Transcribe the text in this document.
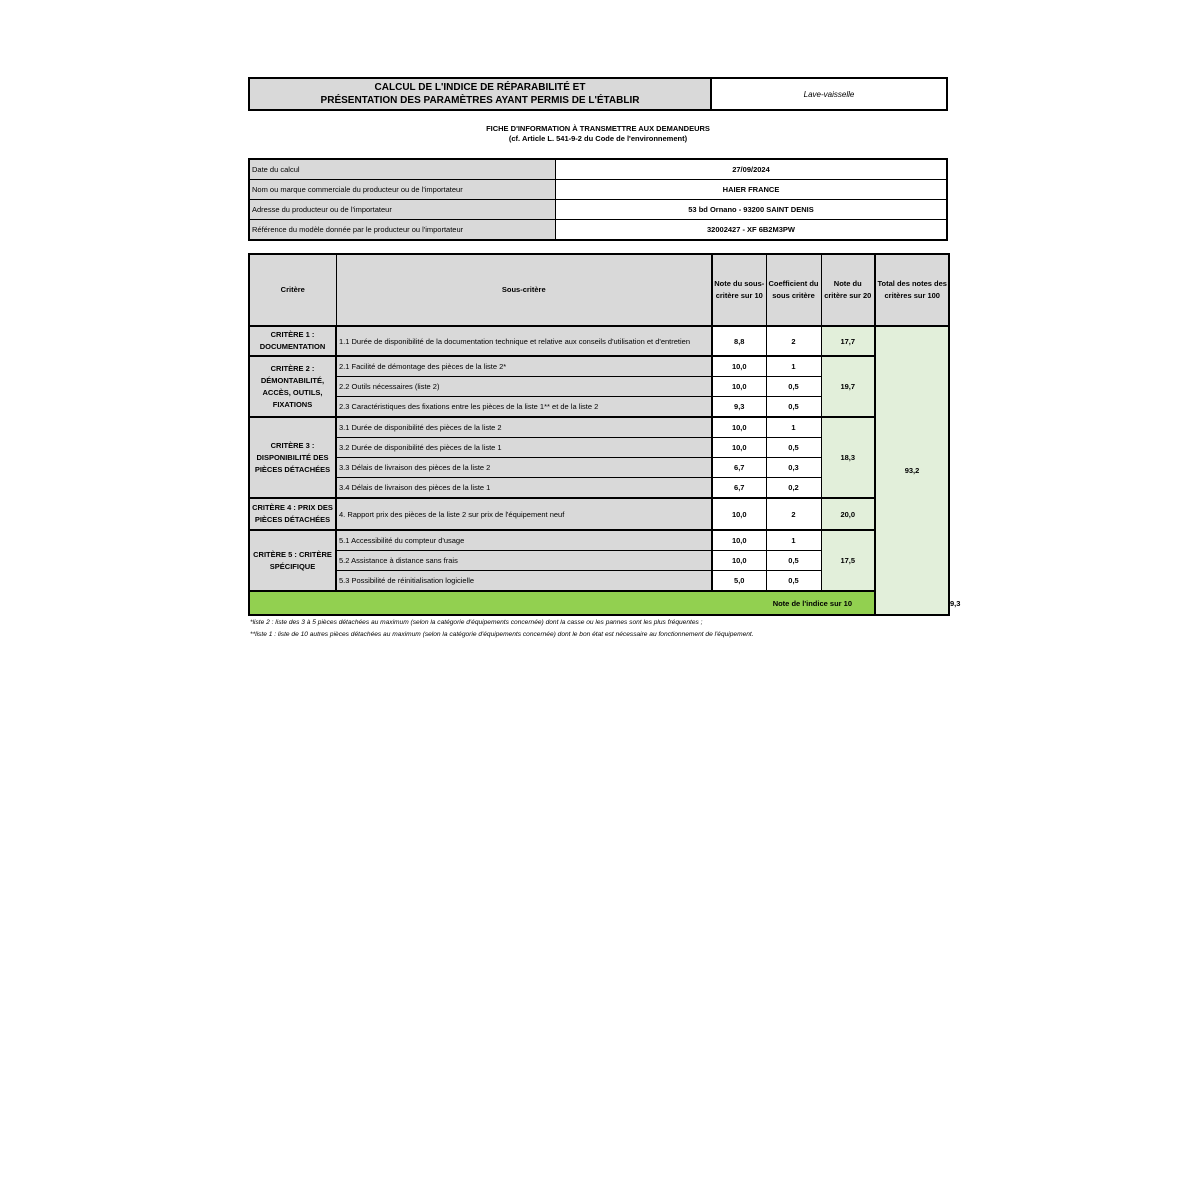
CALCUL DE L'INDICE DE RÉPARABILITÉ ET
PRÉSENTATION DES PARAMÈTRES AYANT PERMIS DE L'ÉTABLIR
	Lave-vaisselle
FICHE D'INFORMATION À TRANSMETTRE AUX DEMANDEURS
(cf. Article L. 541-9-2 du Code de l'environnement)
Date du calcul	27/09/2024
Nom ou marque commerciale du producteur ou de l'importateur	HAIER FRANCE
Adresse du producteur ou de l'importateur	53 bd Ornano - 93200 SAINT DENIS
Référence du modèle donnée par le producteur ou l'importateur	32002427 - XF 6B2M3PW
Critère	Sous-critère	Note du sous-critère sur 10	Coefficient du sous critère	Note du critère sur 20	Total des notes des critères sur 100	
CRITÈRE 1 : DOCUMENTATION	1.1 Durée de disponibilité de la documentation technique et relative aux conseils d'utilisation et d'entretien	8,8	2	17,7	93,2	
CRITÈRE 2 : DÉMONTABILITÉ, ACCÈS, OUTILS, FIXATIONS	2.1 Facilité de démontage des pièces de la liste 2*	10,0	1	19,7		
	2.2 Outils nécessaires (liste 2)	10,0	0,5			
	2.3 Caractéristiques des fixations entre les pièces de la liste 1** et de la liste 2	9,3	0,5			
CRITÈRE 3 : DISPONIBILITÉ DES PIÈCES DÉTACHÉES	3.1 Durée de disponibilité des pièces de la liste 2	10,0	1	18,3		
	3.2 Durée de disponibilité des pièces de la liste 1	10,0	0,5			
	3.3 Délais de livraison des pièces de la liste 2	6,7	0,3			
	3.4 Délais de livraison des pièces de la liste 1	6,7	0,2			
CRITÈRE 4 : PRIX DES PIÈCES DÉTACHÉES	4. Rapport prix des pièces de la liste 2 sur prix de l'équipement neuf	10,0	2	20,0		
CRITÈRE 5 : CRITÈRE SPÉCIFIQUE	5.1 Accessibilité du compteur d'usage	10,0	1	17,5		
	5.2 Assistance à distance sans frais	10,0	0,5			
	5.3 Possibilité de réinitialisation logicielle	5,0	0,5			
Note de l'indice sur 10						9,3
*liste 2 : liste des 3 à 5 pièces détachées au maximum (selon la catégorie d'équipements concernée) dont la casse ou les pannes sont les plus fréquentes ;
**liste 1 : liste de 10 autres pièces détachées au maximum (selon la catégorie d'équipements concernée) dont le bon état est nécessaire au fonctionnement de l'équipement.
